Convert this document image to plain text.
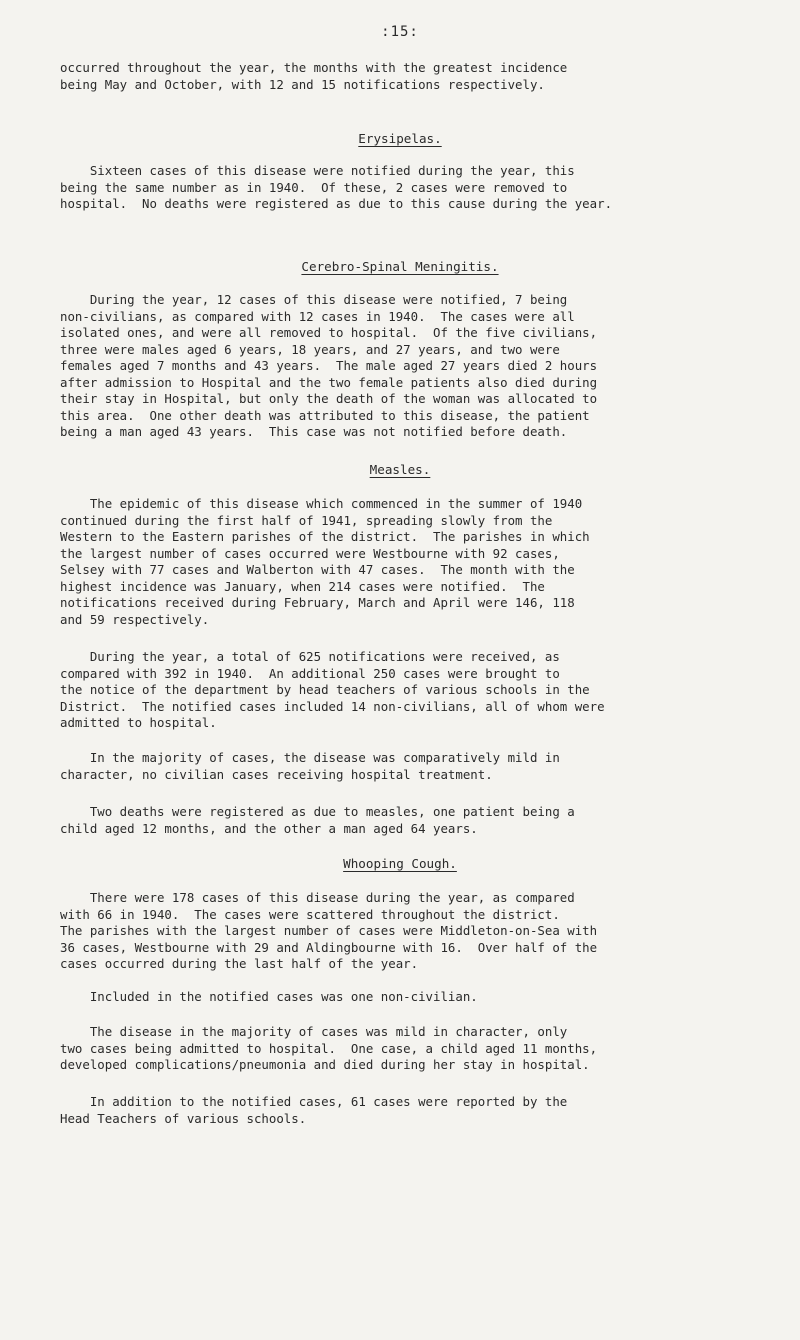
:15:
occurred throughout the year, the months with the greatest incidence
being May and October, with 12 and 15 notifications respectively.
Erysipelas.
Sixteen cases of this disease were notified during the year, this
being the same number as in 1940.  Of these, 2 cases were removed to
hospital.  No deaths were registered as due to this cause during the year.
Cerebro-Spinal Meningitis.
During the year, 12 cases of this disease were notified, 7 being
non-civilians, as compared with 12 cases in 1940.  The cases were all
isolated ones, and were all removed to hospital.  Of the five civilians,
three were males aged 6 years, 18 years, and 27 years, and two were
females aged 7 months and 43 years.  The male aged 27 years died 2 hours
after admission to Hospital and the two female patients also died during
their stay in Hospital, but only the death of the woman was allocated to
this area.  One other death was attributed to this disease, the patient
being a man aged 43 years.  This case was not notified before death.
Measles.
The epidemic of this disease which commenced in the summer of 1940
continued during the first half of 1941, spreading slowly from the
Western to the Eastern parishes of the district.  The parishes in which
the largest number of cases occurred were Westbourne with 92 cases,
Selsey with 77 cases and Walberton with 47 cases.  The month with the
highest incidence was January, when 214 cases were notified.  The
notifications received during February, March and April were 146, 118
and 59 respectively.
During the year, a total of 625 notifications were received, as
compared with 392 in 1940.  An additional 250 cases were brought to
the notice of the department by head teachers of various schools in the
District.  The notified cases included 14 non-civilians, all of whom were
admitted to hospital.
In the majority of cases, the disease was comparatively mild in
character, no civilian cases receiving hospital treatment.
Two deaths were registered as due to measles, one patient being a
child aged 12 months, and the other a man aged 64 years.
Whooping Cough.
There were 178 cases of this disease during the year, as compared
with 66 in 1940.  The cases were scattered throughout the district.
The parishes with the largest number of cases were Middleton-on-Sea with
36 cases, Westbourne with 29 and Aldingbourne with 16.  Over half of the
cases occurred during the last half of the year.
Included in the notified cases was one non-civilian.
The disease in the majority of cases was mild in character, only
two cases being admitted to hospital.  One case, a child aged 11 months,
developed complications/pneumonia and died during her stay in hospital.
In addition to the notified cases, 61 cases were reported by the
Head Teachers of various schools.
